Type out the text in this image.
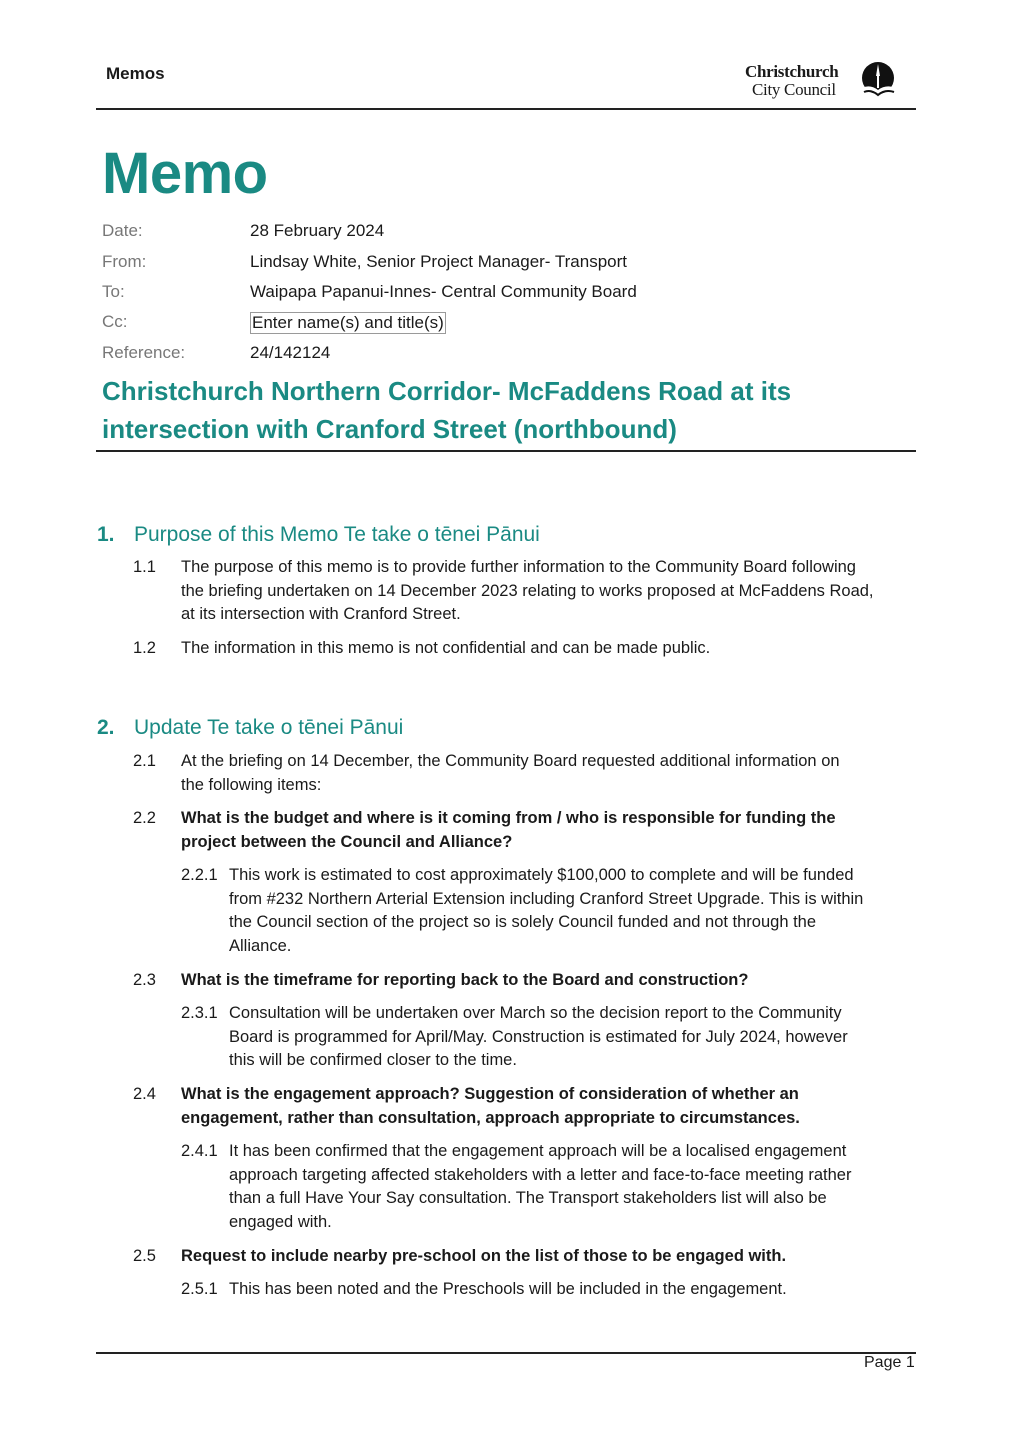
Memos	Christchurch
City Council
Memo
Date:	28 February 2024
From:	Lindsay White, Senior Project Manager- Transport
To:	Waipapa Papanui-Innes- Central Community Board
Cc:	Enter name(s) and title(s)
Reference:	24/142124
Christchurch Northern Corridor- McFaddens Road at its
intersection with Cranford Street (northbound)
1. Purpose of this Memo Te take o tēnei Pānui
1.1 The purpose of this memo is to provide further information to the Community Board following
the briefing undertaken on 14 December 2023 relating to works proposed at McFaddens Road,
at its intersection with Cranford Street.
1.2 The information in this memo is not confidential and can be made public.
2. Update Te take o tēnei Pānui
2.1 At the briefing on 14 December, the Community Board requested additional information on
the following items:
2.2 What is the budget and where is it coming from / who is responsible for funding the
project between the Council and Alliance?
2.2.1 This work is estimated to cost approximately $100,000 to complete and will be funded
from #232 Northern Arterial Extension including Cranford Street Upgrade. This is within
the Council section of the project so is solely Council funded and not through the
Alliance.
2.3 What is the timeframe for reporting back to the Board and construction?
2.3.1 Consultation will be undertaken over March so the decision report to the Community
Board is programmed for April/May. Construction is estimated for July 2024, however
this will be confirmed closer to the time.
2.4 What is the engagement approach? Suggestion of consideration of whether an
engagement, rather than consultation, approach appropriate to circumstances.
2.4.1 It has been confirmed that the engagement approach will be a localised engagement
approach targeting affected stakeholders with a letter and face-to-face meeting rather
than a full Have Your Say consultation. The Transport stakeholders list will also be
engaged with.
2.5 Request to include nearby pre-school on the list of those to be engaged with.
2.5.1 This has been noted and the Preschools will be included in the engagement.
Page 1
